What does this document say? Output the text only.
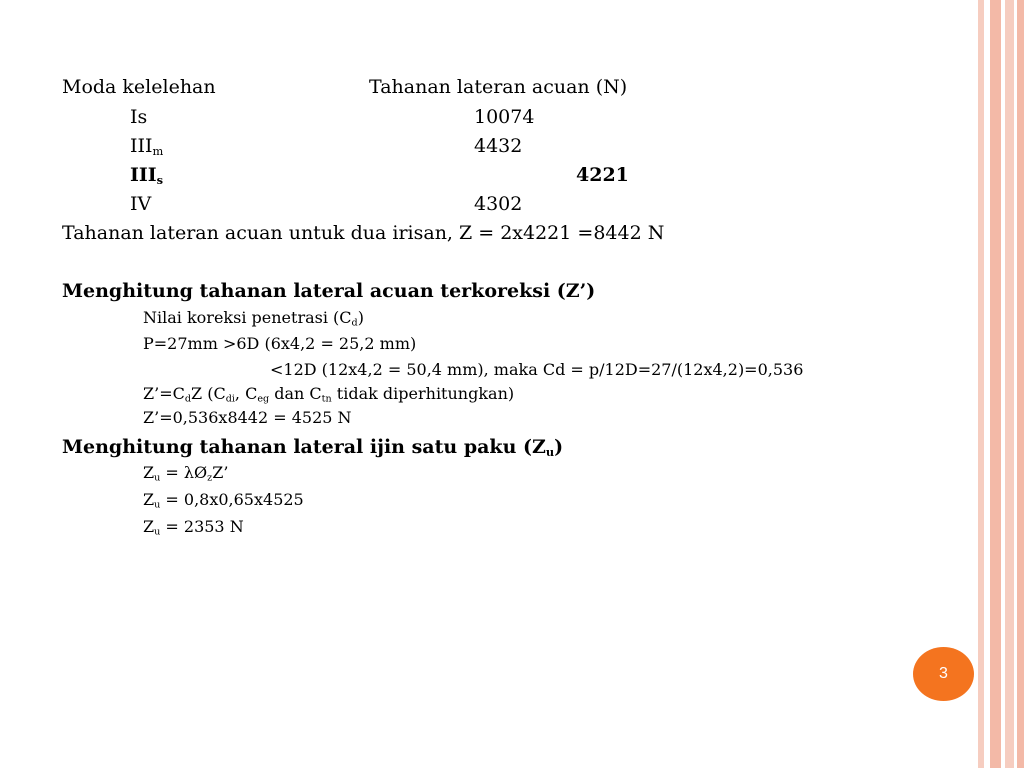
Moda kelelehan	Tahanan lateran acuan (N)
Is	10074
$III_m$	4432
$III_s$	4221
IV	4302
Tahanan lateran acuan untuk dua irisan, Z = 2x4221 =8442 N
Menghitung tahanan lateral acuan terkoreksi (Z’)
Nilai koreksi penetrasi $(C_d)$
P=27mm >6D (6x4,2 = 25,2 mm)
<12D (12x4,2 = 50,4 mm), maka Cd = p/12D=27/(12x4,2)=0,536
$Z’=C_dZ$ ($C_{di}$, $C_{eg}$ dan $C_{tn}$ tidak diperhitungkan)
Z’=0,536x8442 = 4525 N
Menghitung tahanan lateral ijin satu paku $(Z_u)$
$Z_u$ = $\lambda Ø_zZ$’
$Z_u = 0,8x0,65x4525$
$Z_u = 2353$ N
3
